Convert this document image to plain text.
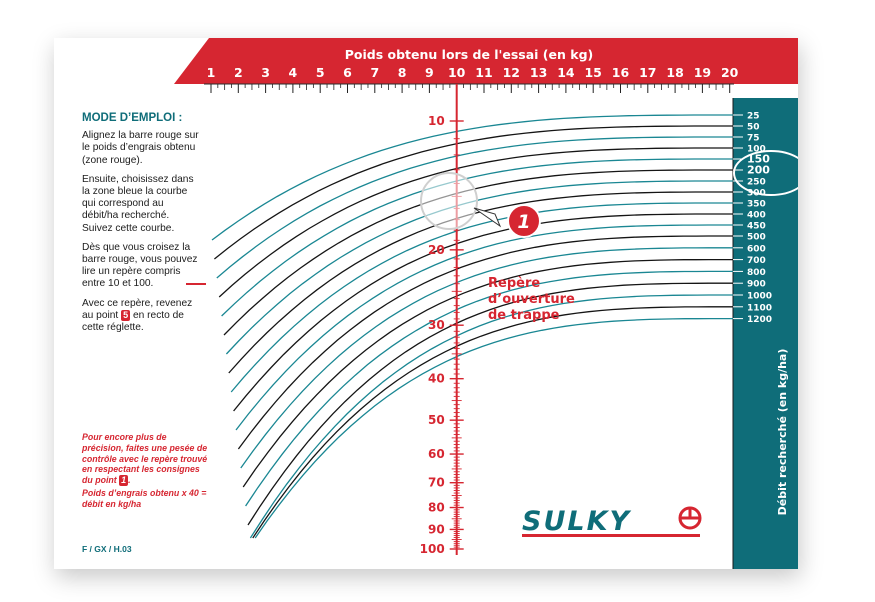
Poids obtenu lors de l'essai (en kg)
Débit recherché (en kg/ha)
1 2 3 4 5 6 7 8 9 10 11 12 13 14 15 16 17 18 19 20
25
50
75
100
150
200
250
300
350
400
450
500
600
700
800
900
1000
1100
1200
10
20
30
40
50
60
70
80
90
100
1
MODE D’EMPLOI :

Alignez la barre rouge sur le poids d’engrais obtenu (zone rouge).

Ensuite, choisissez dans la zone bleue la courbe qui correspond au débit/ha recherché. Suivez cette courbe.

Dès que vous croisez la barre rouge, vous pouvez lire un repère compris entre 10 et 100.

Avec ce repère, revenez au point 5 en recto de cette réglette.

Pour encore plus de précision, faites une pesée de contrôle avec le repère trouvé en respectant les consignes du point 1 .

Poids d’engrais obtenu x 40 = débit en kg/ha

F / GX / H.03
Repère
d’ouverture
de trappe
SULKY
